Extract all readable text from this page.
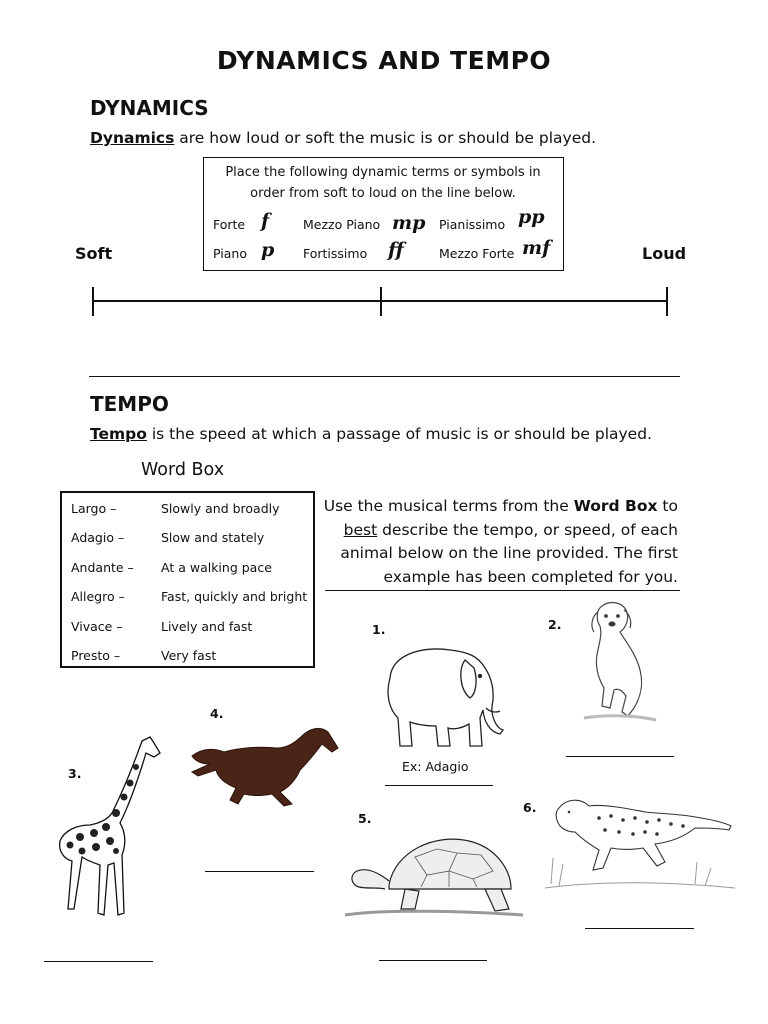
DYNAMICS AND TEMPO
DYNAMICS
Dynamics are how loud or soft the music is or should be played.
Place the following dynamic terms or symbols in
order from soft to loud on the line below.
Forte f	Mezzo Piano mp Pianissimo pp
Piano p Fortissimo ff	Mezzo Forte mf
Soft	Loud
TEMPO
Tempo is the speed at which a passage of music is or should be played.
Word Box
Largo –	Slowly and broadly
Adagio –	Slow and stately
Andante – At a walking pace
Allegro –	Fast, quickly and bright
Vivace –	Lively and fast
Presto –	Very fast
Use the musical terms from the Word Box to
best describe the tempo, or speed, of each
animal below on the line provided. The first
example has been completed for you.
1.
Ex: Adagio
2.
3.
4.
5.
6.
